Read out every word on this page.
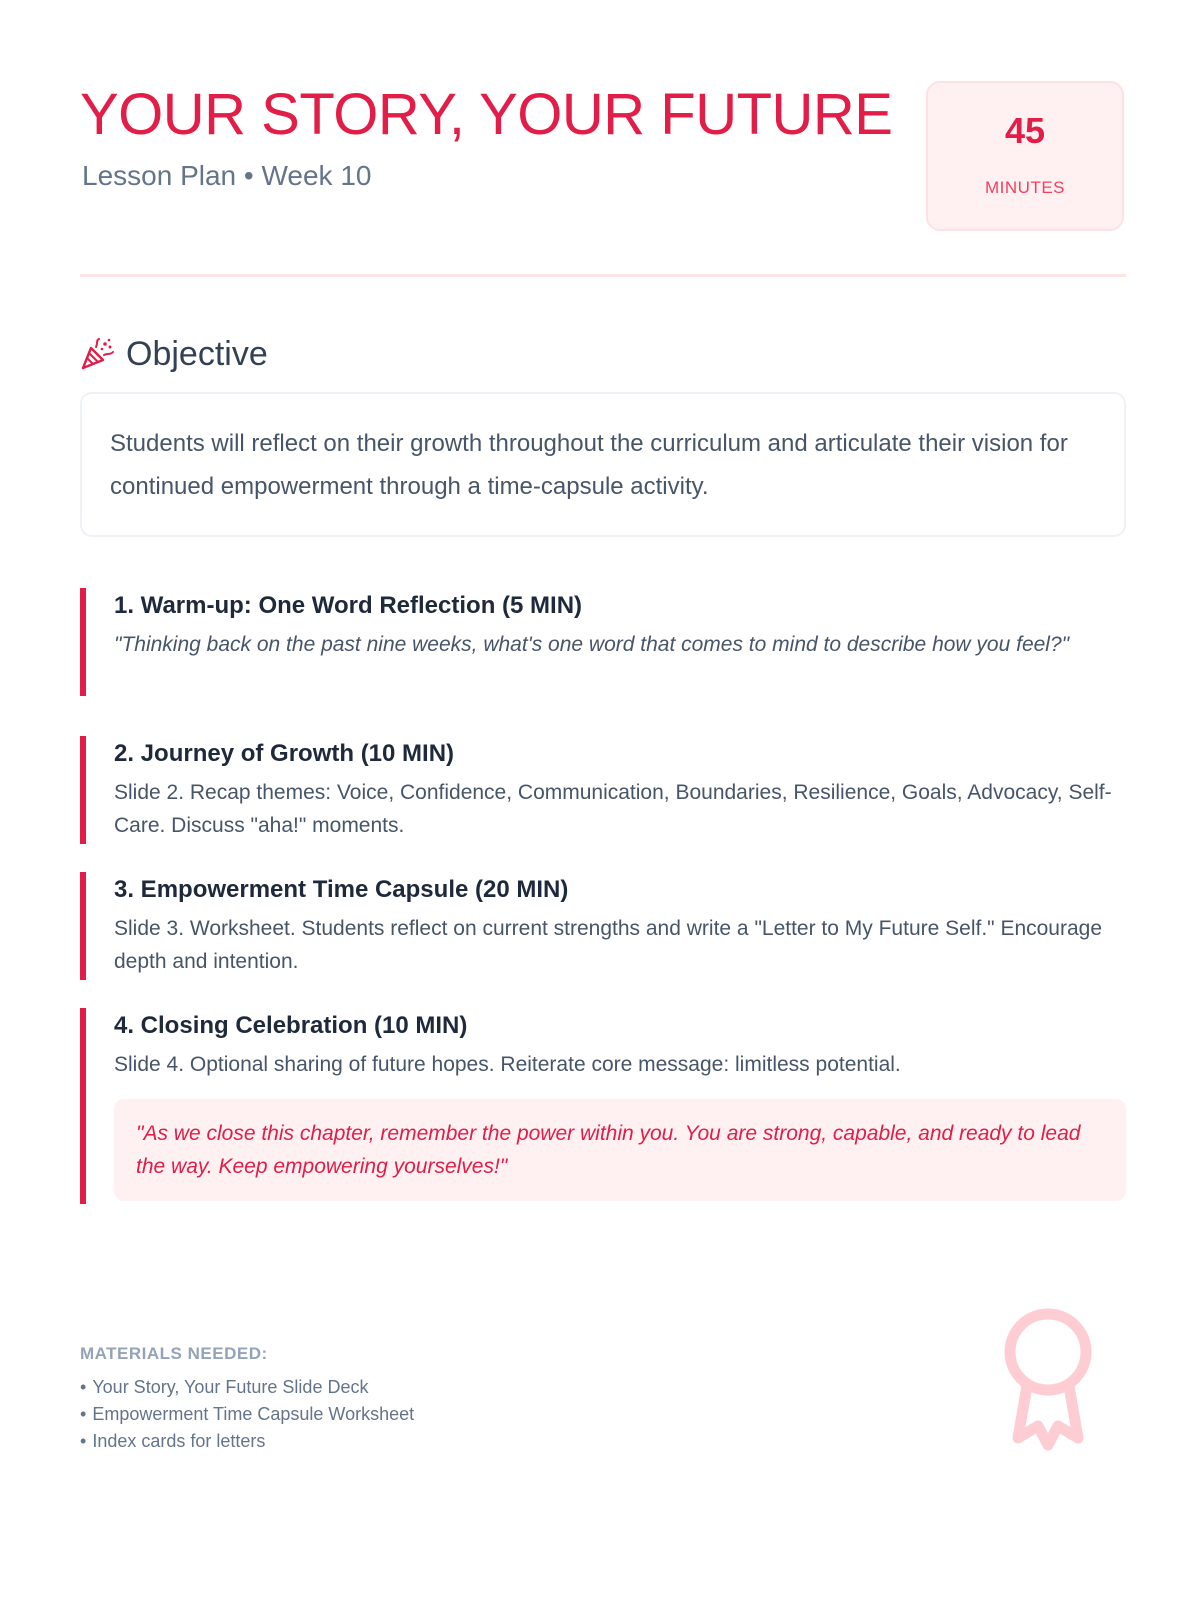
YOUR STORY, YOUR FUTURE
Lesson Plan • Week 10
45
MINUTES
Objective

Students will reflect on their growth throughout the curriculum and articulate their vision for continued empowerment through a time-capsule activity.

1. Warm-up: One Word Reflection (5 MIN)

"Thinking back on the past nine weeks, what's one word that comes to mind to describe how you feel?"

2. Journey of Growth (10 MIN)

Slide 2. Recap themes: Voice, Confidence, Communication, Boundaries, Resilience, Goals, Advocacy, Self-Care. Discuss "aha!" moments.

3. Empowerment Time Capsule (20 MIN)

Slide 3. Worksheet. Students reflect on current strengths and write a "Letter to My Future Self." Encourage depth and intention.

4. Closing Celebration (10 MIN)

Slide 4. Optional sharing of future hopes. Reiterate core message: limitless potential.

"As we close this chapter, remember the power within you. You are strong, capable, and ready to lead the way. Keep empowering yourselves!"

MATERIALS NEEDED:

• Your Story, Your Future Slide Deck
• Empowerment Time Capsule Worksheet
• Index cards for letters
